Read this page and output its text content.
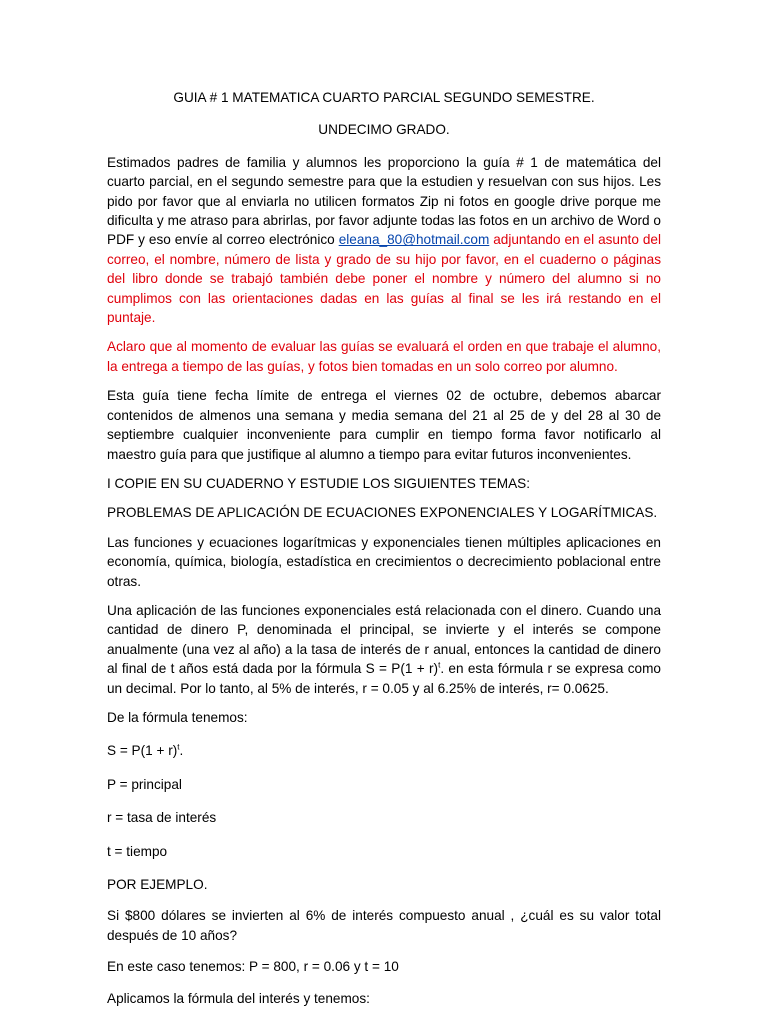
GUIA # 1 MATEMATICA CUARTO PARCIAL SEGUNDO SEMESTRE.

UNDECIMO GRADO.

Estimados padres de familia y alumnos les proporciono la guía # 1 de matemática del cuarto parcial, en el segundo semestre para que la estudien y resuelvan con sus hijos. Les pido por favor que al enviarla no utilicen formatos Zip ni fotos en google drive porque me dificulta y me atraso para abrirlas, por favor adjunte todas las fotos en un archivo de Word o PDF y eso envíe al correo electrónico eleana_80@hotmail.com adjuntando en el asunto del correo, el nombre, número de lista y grado de su hijo por favor, en el cuaderno o páginas del libro donde se trabajó también debe poner el nombre y número del alumno si no cumplimos con las orientaciones dadas en las guías al final se les irá restando en el puntaje.

Aclaro que al momento de evaluar las guías se evaluará el orden en que trabaje el alumno, la entrega a tiempo de las guías, y fotos bien tomadas en un solo correo por alumno.

Esta guía tiene fecha límite de entrega el viernes 02 de octubre, debemos abarcar contenidos de almenos una semana y media semana del 21 al 25 de y del 28 al 30 de septiembre cualquier inconveniente para cumplir en tiempo forma favor notificarlo al maestro guía para que justifique al alumno a tiempo para evitar futuros inconvenientes.

I COPIE EN SU CUADERNO Y ESTUDIE LOS SIGUIENTES TEMAS:

PROBLEMAS DE APLICACIÓN DE ECUACIONES EXPONENCIALES Y LOGARÍTMICAS.

Las funciones y ecuaciones logarítmicas y exponenciales tienen múltiples aplicaciones en economía, química, biología, estadística en crecimientos o decrecimiento poblacional entre otras.

Una aplicación de las funciones exponenciales está relacionada con el dinero. Cuando una cantidad de dinero P, denominada el principal, se invierte y el interés se compone anualmente (una vez al año) a la tasa de interés de r anual, entonces la cantidad de dinero al final de t años está dada por la fórmula $S = P(1 + r)^t$. en esta fórmula r se expresa como un decimal. Por lo tanto, al 5% de interés, r = 0.05 y al 6.25% de interés, r= 0.0625.

De la fórmula tenemos:

$S = P(1 + r)^t$.

P = principal

r = tasa de interés

t = tiempo

POR EJEMPLO.

Si $800 dólares se invierten al 6% de interés compuesto anual , ¿cuál es su valor total después de 10 años?

En este caso tenemos: P = 800, r = 0.06 y t = 10

Aplicamos la fórmula del interés y tenemos:
